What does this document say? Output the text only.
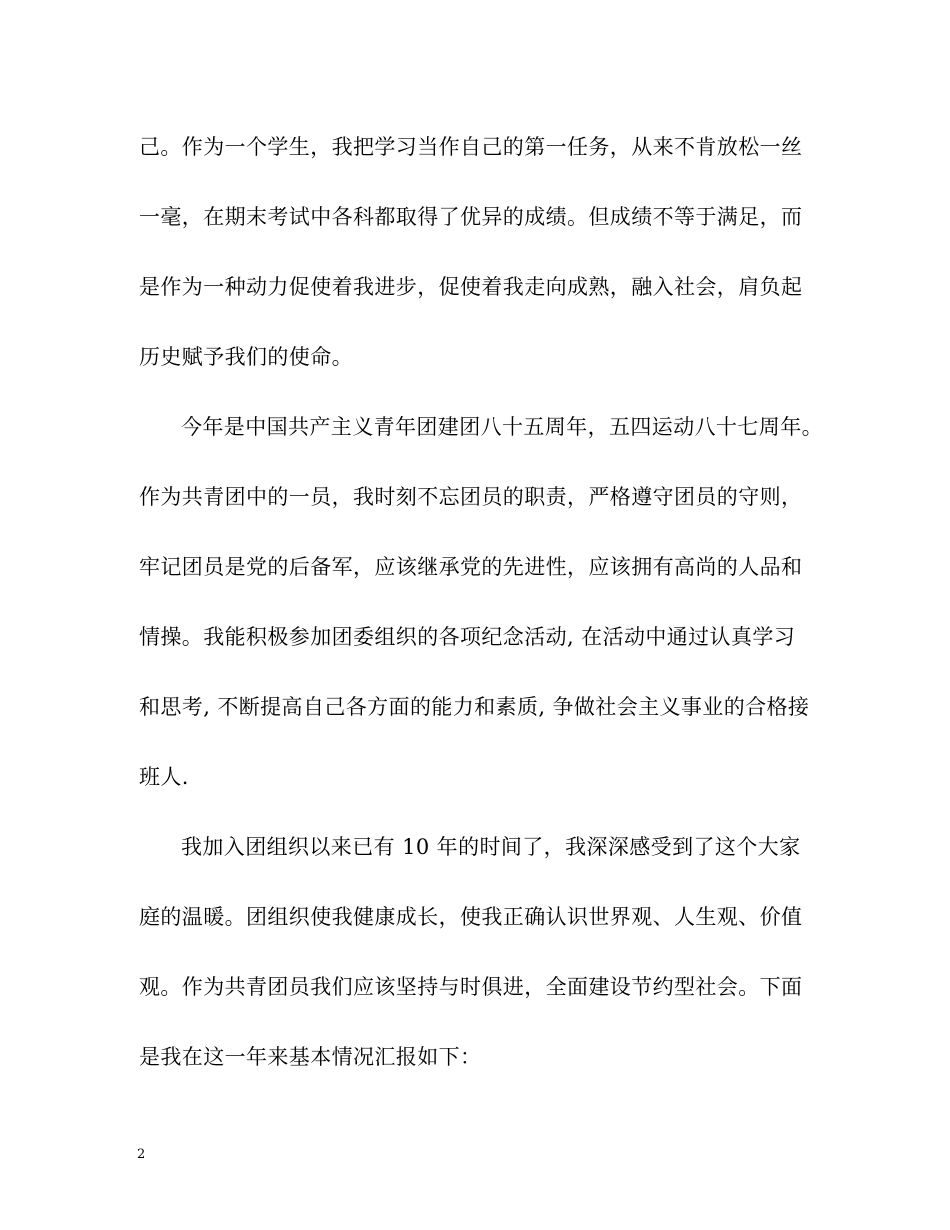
己。作为一个学生，我把学习当作自己的第一任务，从来不肯放松一丝
一毫，在期末考试中各科都取得了优异的成绩。但成绩不等于满足，而
是作为一种动力促使着我进步，促使着我走向成熟，融入社会，肩负起
历史赋予我们的使命。
今年是中国共产主义青年团建团八十五周年，五四运动八十七周年。
作为共青团中的一员，我时刻不忘团员的职责，严格遵守团员的守则，
牢记团员是党的后备军，应该继承党的先进性，应该拥有高尚的人品和
情操。我能积极参加团委组织的各项纪念活动, 在活动中通过认真学习
和思考, 不断提高自己各方面的能力和素质, 争做社会主义事业的合格接
班人.
我加入团组织以来已有 10 年的时间了，我深深感受到了这个大家
庭的温暖。团组织使我健康成长，使我正确认识世界观、人生观、价值
观。作为共青团员我们应该坚持与时俱进，全面建设节约型社会。下面
是我在这一年来基本情况汇报如下：
2
